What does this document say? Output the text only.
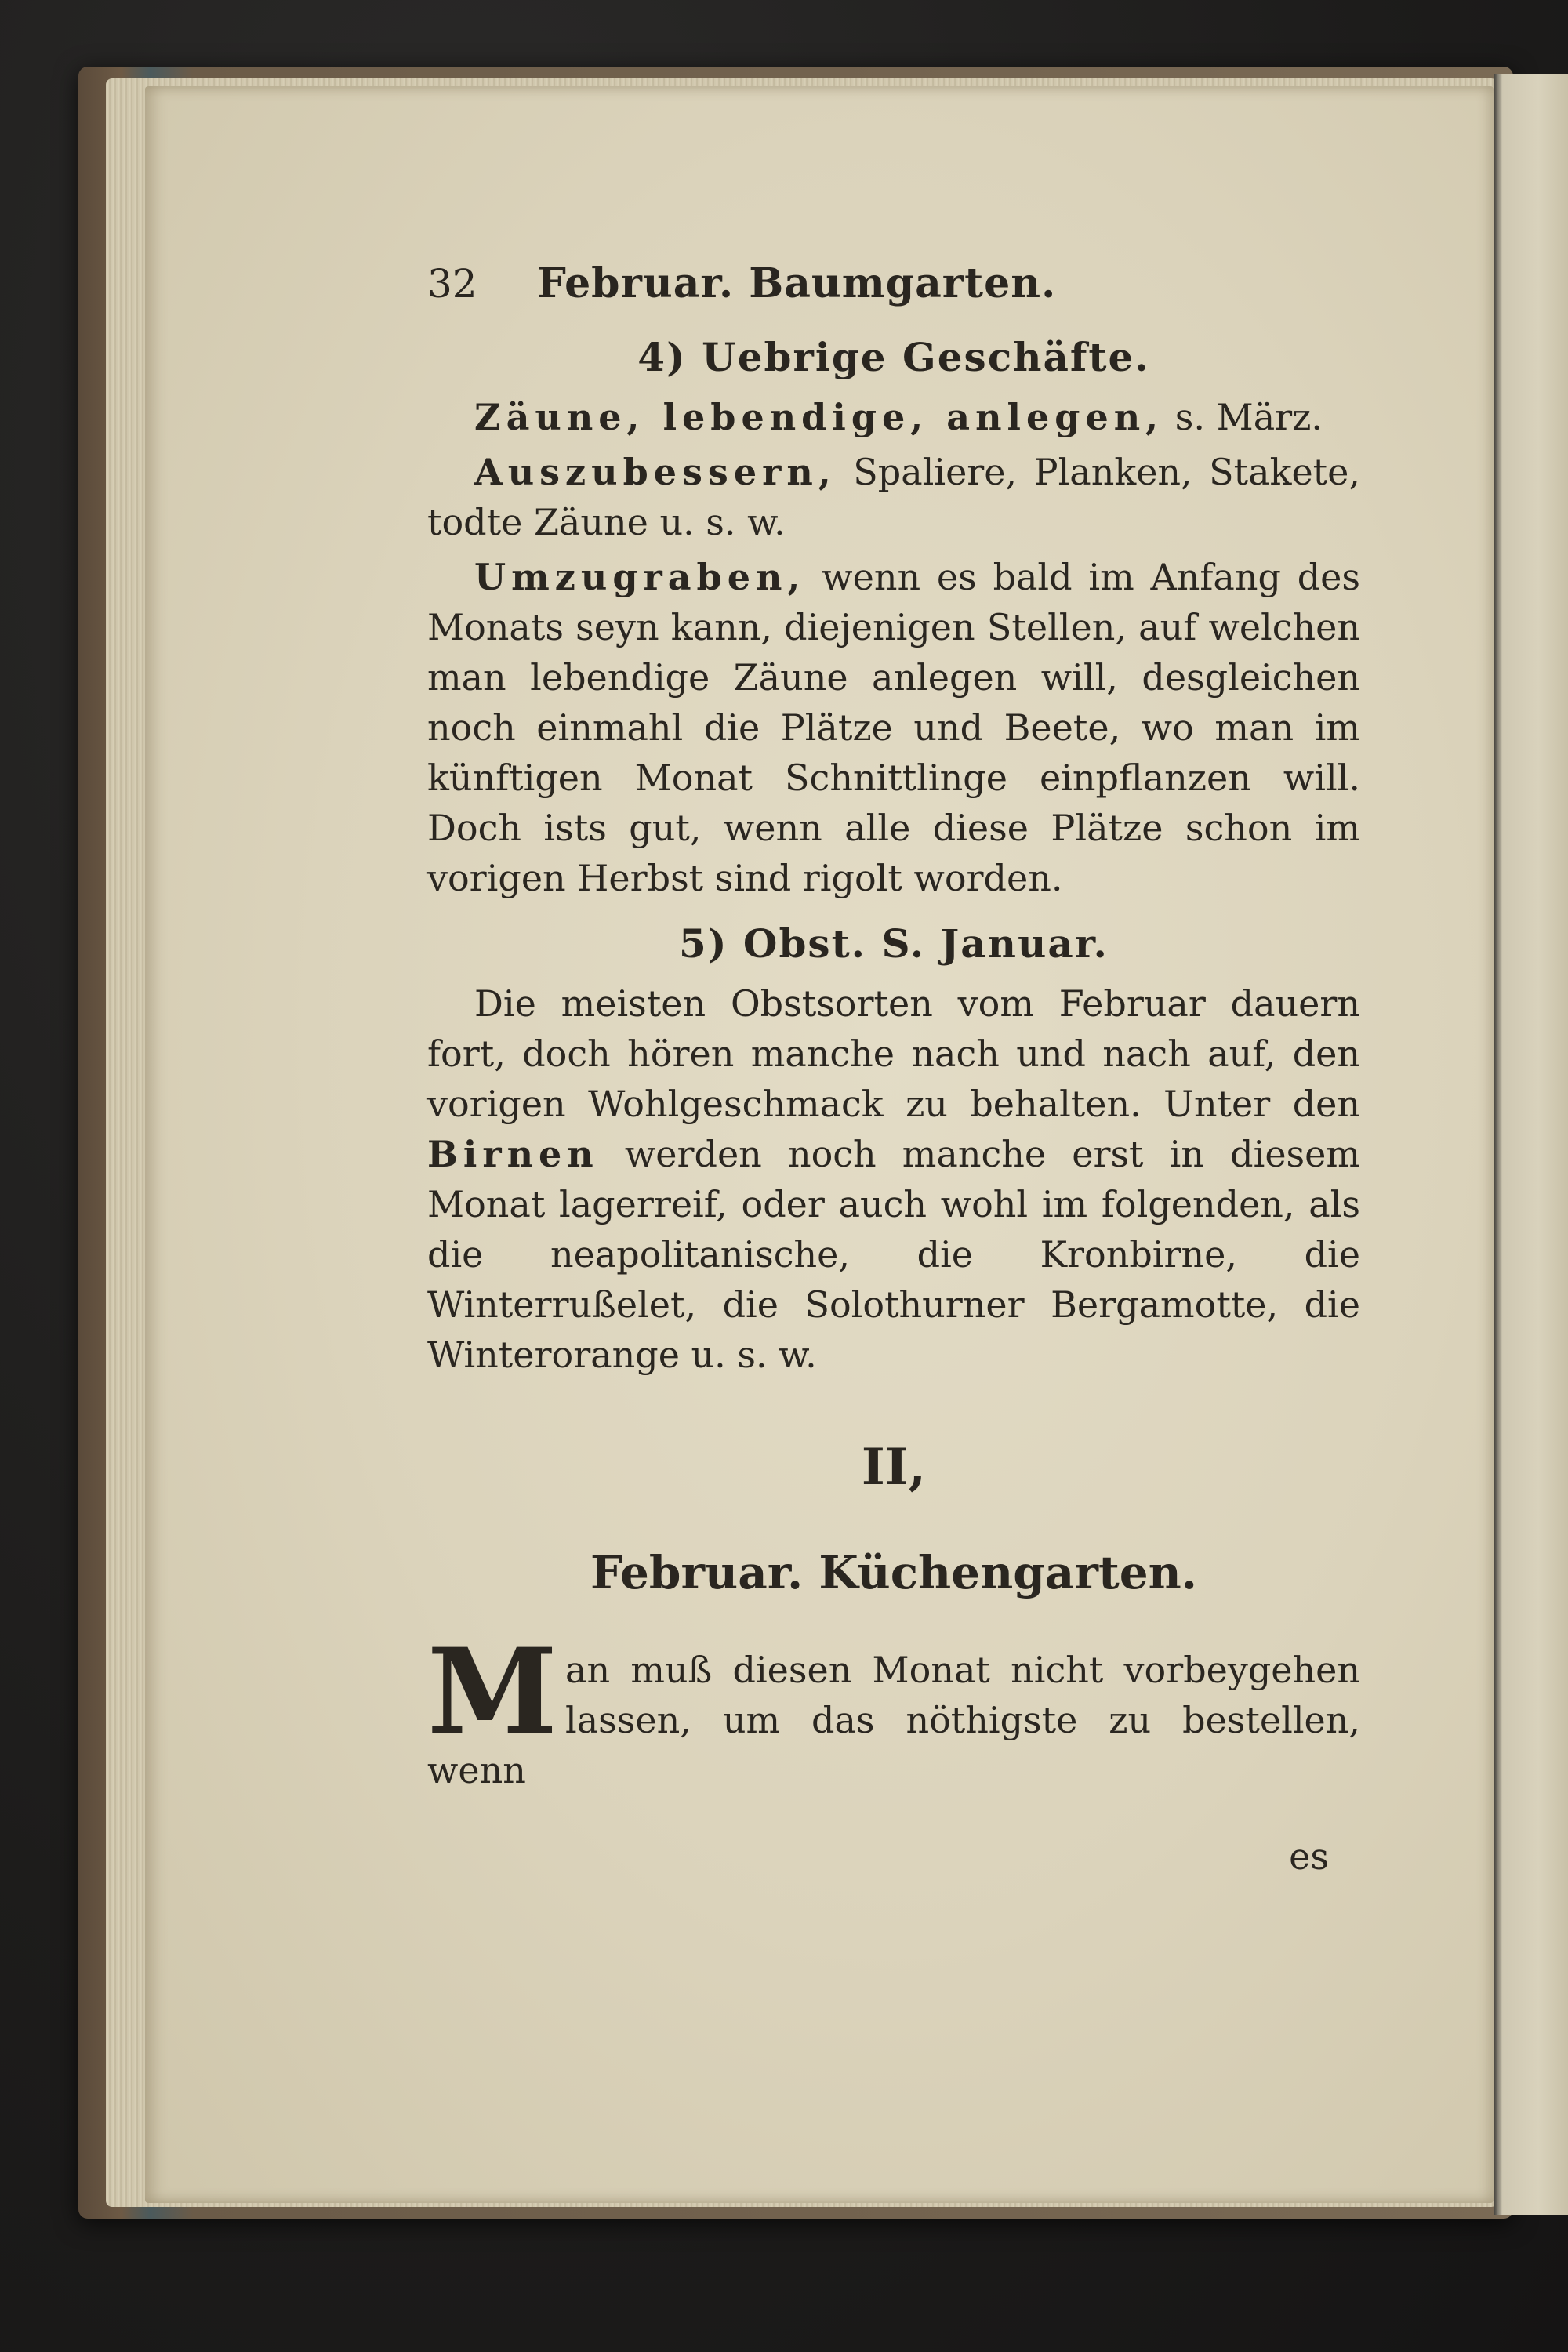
32	Februar. Baumgarten.
4) Uebrige Geschäfte.

Zäune, lebendige, anlegen, s. März.

Auszubessern, Spaliere, Planken, Stakete, todte Zäune u. s. w.

Umzugraben, wenn es bald im Anfang des Monats seyn kann, diejenigen Stellen, auf welchen man lebendige Zäune anlegen will, desgleichen noch einmahl die Plätze und Beete, wo man im künftigen Monat Schnittlinge einpflanzen will. Doch ists gut, wenn alle diese Plätze schon im vorigen Herbst sind rigolt worden.

5) Obst. S. Januar.

Die meisten Obstsorten vom Februar dauern fort, doch hören manche nach und nach auf, den vorigen Wohlgeschmack zu behalten. Unter den Birnen werden noch manche erst in diesem Monat lagerreif, oder auch wohl im folgenden, als die neapolitanische, die Kronbirne, die Winterrußelet, die Solothurner Bergamotte, die Winterorange u. s. w.

II,
Februar. Küchengarten.

M an muß diesen Monat nicht vorbeygehen lassen, um das nöthigste zu bestellen, wenn

es
